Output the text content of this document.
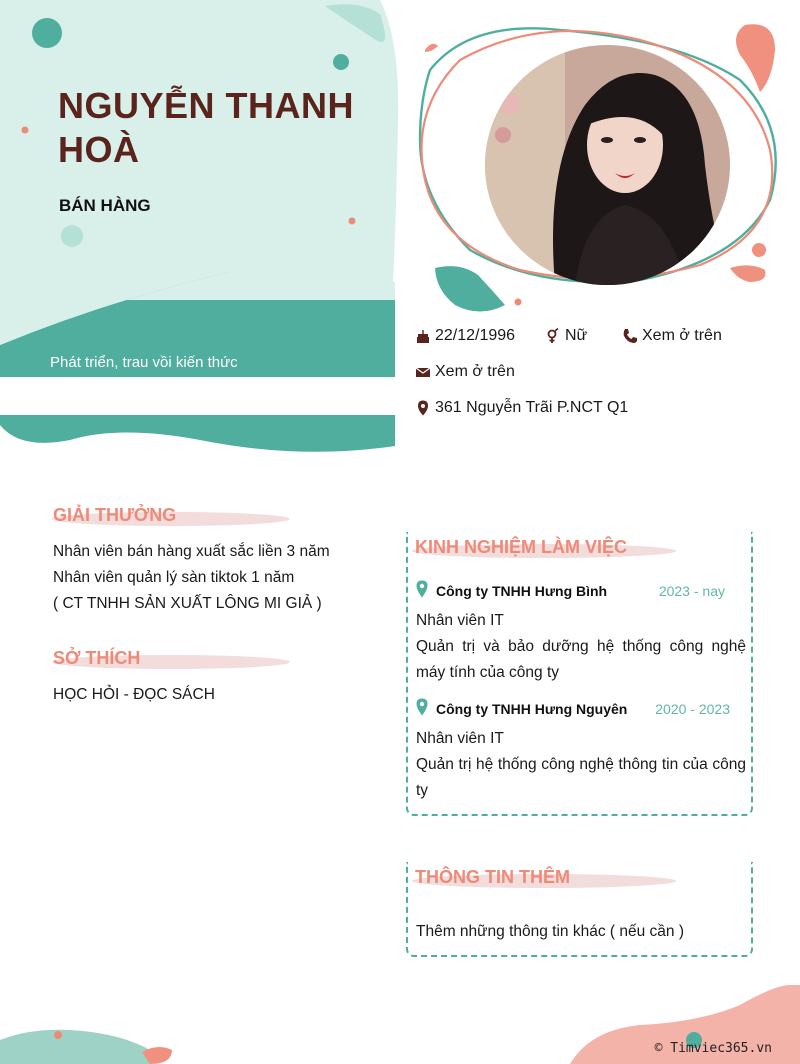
NGUYỄN THANH HOÀ
BÁN HÀNG
Phát triển, trau vồi kiến thức
22/12/1996	Nữ	Xem ở trên
Xem ở trên
361 Nguyễn Trãi P.NCT Q1
GIẢI THƯỞNG
Nhân viên bán hàng xuất sắc liền 3 năm
Nhân viên quản lý sàn tiktok 1 năm
( CT TNHH SẢN XUẤT LÔNG MI GIẢ )
SỞ THÍCH
HỌC HỎI - ĐỌC SÁCH
KINH NGHIỆM LÀM VIỆC
Công ty TNHH Hưng Bình	2023 - nay
Nhân viên IT
Quản trị và bảo dưỡng hệ thống công nghệ máy tính của công ty
Công ty TNHH Hưng Nguyên	2020 - 2023
Nhân viên IT
Quản trị hệ thống công nghệ thông tin của công ty
THÔNG TIN THÊM
Thêm những thông tin khác ( nếu cần )
© Timviec365.vn
